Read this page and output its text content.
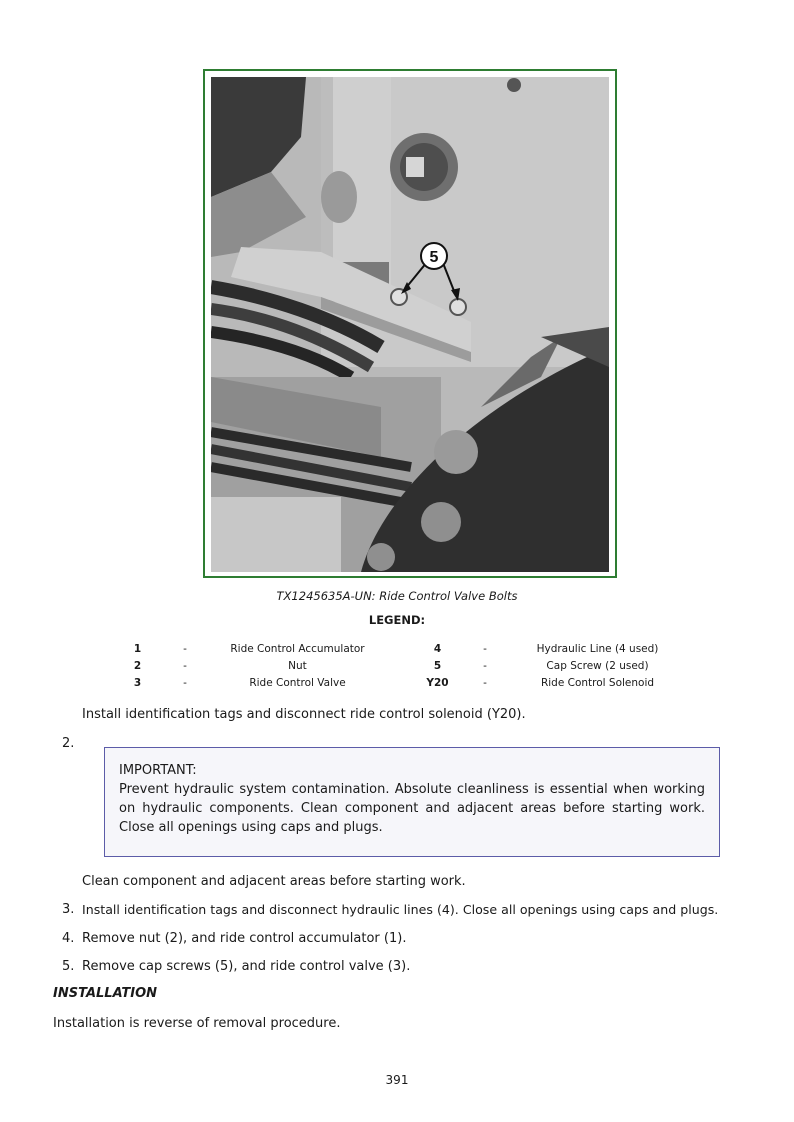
5
TX1245635A-UN: Ride Control Valve Bolts
LEGEND:
1	-	Ride Control Accumulator	4	-	Hydraulic Line (4 used)
2	-	Nut	5	-	Cap Screw (2 used)
3	-	Ride Control Valve	Y20	-	Ride Control Solenoid
Install identification tags and disconnect ride control solenoid (Y20).
2.
IMPORTANT:
Prevent hydraulic system contamination. Absolute cleanliness is essential when working on hydraulic components. Clean component and adjacent areas before starting work. Close all openings using caps and plugs.
Clean component and adjacent areas before starting work.
3. Install identification tags and disconnect hydraulic lines (4). Close all openings using caps and plugs.
4. Remove nut (2), and ride control accumulator (1).
5. Remove cap screws (5), and ride control valve (3).
INSTALLATION
Installation is reverse of removal procedure.
391
